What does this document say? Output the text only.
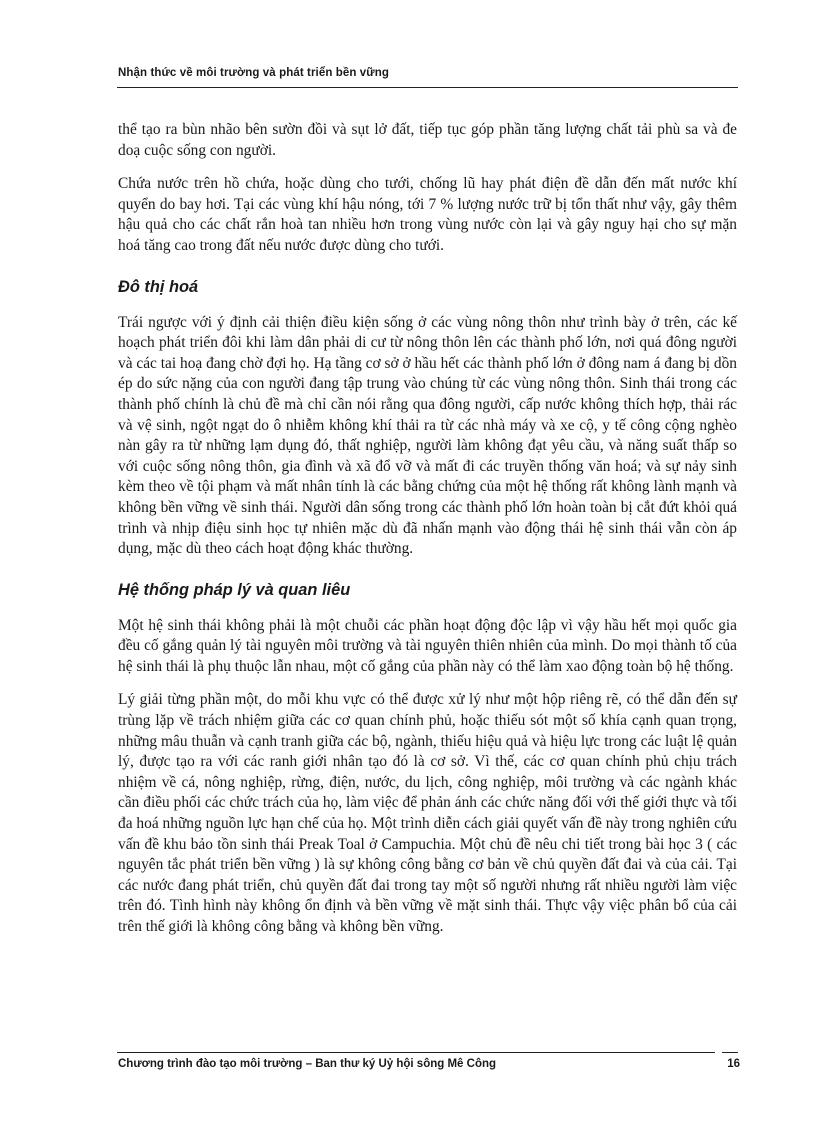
Nhận thức về môi trường và phát triển bền vững

thể tạo ra bùn nhão bên sườn đồi và sụt lở đất, tiếp tục góp phần tăng lượng chất tải phù sa và đe doạ cuộc sống con người.

Chứa nước trên hồ chứa, hoặc dùng cho tưới, chống lũ hay phát điện đề dẫn đến mất nước khí quyển do bay hơi. Tại các vùng khí hậu nóng, tới 7 % lượng nước trữ bị tổn thất như vậy, gây thêm hậu quả cho các chất rắn hoà tan nhiều hơn trong vùng nước còn lại và gây nguy hại cho sự mặn hoá tăng cao trong đất nếu nước được dùng cho tưới.

Đô thị hoá

Trái ngược với ý định cải thiện điều kiện sống ở các vùng nông thôn như trình bày ở trên, các kế hoạch phát triển đôi khi làm dân phải di cư từ nông thôn lên các thành phố lớn, nơi quá đông người và các tai hoạ đang chờ đợi họ. Hạ tầng cơ sở ở hầu hết các thành phố lớn ở đông nam á đang bị dồn ép do sức nặng của con người đang tập trung vào chúng từ các vùng nông thôn. Sinh thái trong các thành phố chính là chủ đề mà chỉ cần nói rằng qua đông người, cấp nước không thích hợp, thải rác và vệ sinh, ngột ngạt do ô nhiễm không khí thải ra từ các nhà máy và xe cộ, y tế công cộng nghèo nàn gây ra từ những lạm dụng đó, thất nghiệp, người làm không đạt yêu cầu, và năng suất thấp so với cuộc sống nông thôn, gia đình và xã đổ vỡ và mất đi các truyền thống văn hoá; và sự nảy sinh kèm theo về tội phạm và mất nhân tính là các bằng chứng của một hệ thống rất không lành mạnh và không bền vững về sinh thái. Người dân sống trong các thành phố lớn hoàn toàn bị cắt đứt khỏi quá trình và nhịp điệu sinh học tự nhiên mặc dù đã nhấn mạnh vào động thái hệ sinh thái vẫn còn áp dụng, mặc dù theo cách hoạt động khác thường.

Hệ thống pháp lý và quan liêu

Một hệ sinh thái không phải là một chuỗi các phần hoạt động độc lập vì vậy hầu hết mọi quốc gia đều cố gắng quản lý tài nguyên môi trường và tài nguyên thiên nhiên của mình. Do mọi thành tố của hệ sinh thái là phụ thuộc lẫn nhau, một cố gắng của phần này có thể làm xao động toàn bộ hệ thống.

Lý giải từng phần một, do mỗi khu vực có thể được xử lý như một hộp riêng rẽ, có thể dẫn đến sự trùng lặp về trách nhiệm giữa các cơ quan chính phủ, hoặc thiếu sót một số khía cạnh quan trọng, những mâu thuẫn và cạnh tranh giữa các bộ, ngành, thiếu hiệu quả và hiệu lực trong các luật lệ quản lý, được tạo ra với các ranh giới nhân tạo đó là cơ sở. Vì thế, các cơ quan chính phủ chịu trách nhiệm về cá, nông nghiệp, rừng, điện, nước, du lịch, công nghiệp, môi trường và các ngành khác cần điều phối các chức trách của họ, làm việc để phản ánh các chức năng đối với thế giới thực và tối đa hoá những nguồn lực hạn chế của họ. Một trình diễn cách giải quyết vấn đề này trong nghiên cứu vấn đề khu bảo tồn sinh thái Preak Toal ở Campuchia. Một chủ đề nêu chi tiết trong bài học 3 ( các nguyên tắc phát triển bền vững ) là sự không công bằng cơ bản về chủ quyền đất đai và của cải. Tại các nước đang phát triển, chủ quyền đất đai trong tay một số người nhưng rất nhiều người làm việc trên đó. Tình hình này không ổn định và bền vững về mặt sinh thái. Thực vậy việc phân bổ của cải trên thế giới là không công bằng và không bền vững.

Chương trình đào tạo môi trường – Ban thư ký Uỷ hội sông Mê Công	16
